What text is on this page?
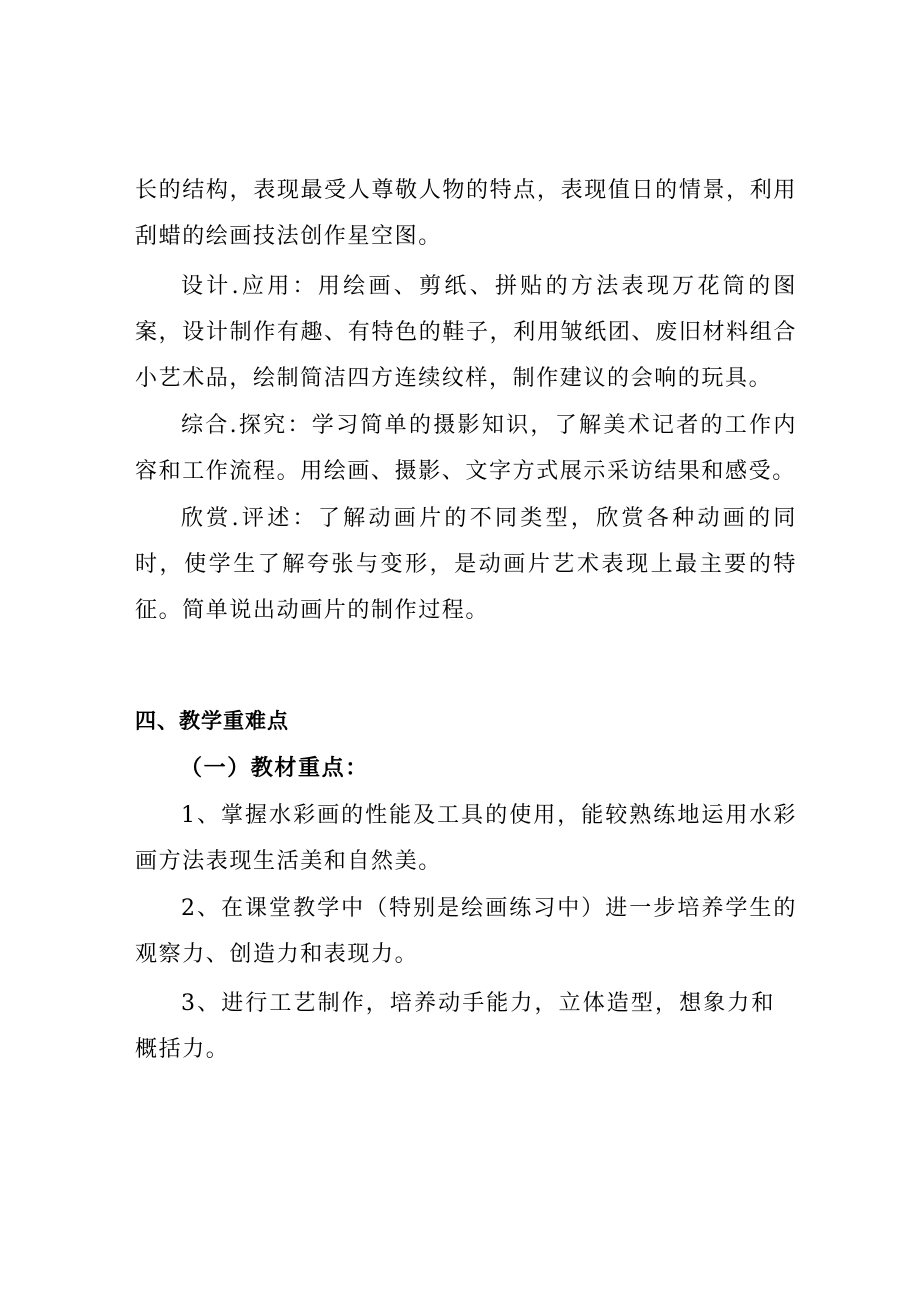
长的结构，表现最受人尊敬人物的特点，表现值日的情景，利用刮蜡的绘画技法创作星空图。

设计.应用：用绘画、剪纸、拼贴的方法表现万花筒的图案，设计制作有趣、有特色的鞋子，利用皱纸团、废旧材料组合小艺术品，绘制简洁四方连续纹样，制作建议的会响的玩具。

综合.探究：学习简单的摄影知识，了解美术记者的工作内容和工作流程。用绘画、摄影、文字方式展示采访结果和感受。

欣赏.评述：了解动画片的不同类型，欣赏各种动画的同时，使学生了解夸张与变形，是动画片艺术表现上最主要的特征。简单说出动画片的制作过程。

四、教学重难点
（一）教材重点：

1、掌握水彩画的性能及工具的使用，能较熟练地运用水彩画方法表现生活美和自然美。

2、在课堂教学中（特别是绘画练习中）进一步培养学生的观察力、创造力和表现力。

3、进行工艺制作，培养动手能力，立体造型，想象力和概括力。
